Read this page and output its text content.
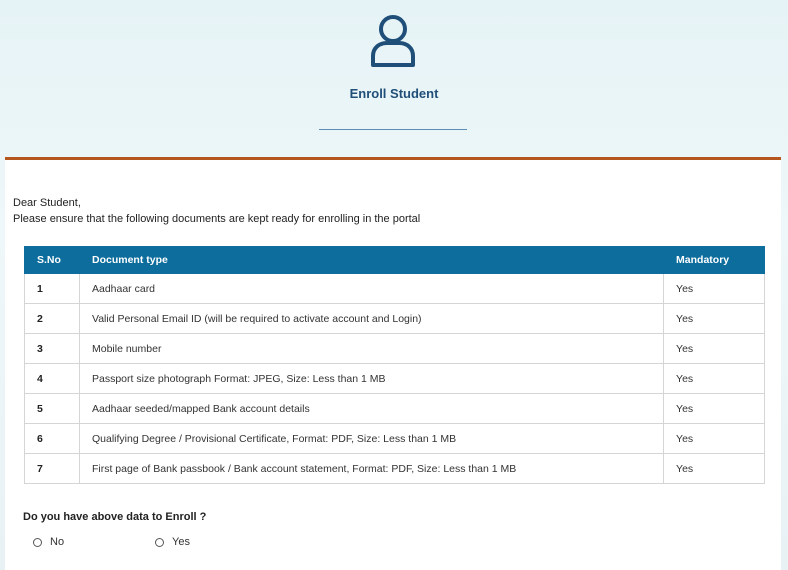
Enroll Student
Dear Student,
Please ensure that the following documents are kept ready for enrolling in the portal
S.No	Document type	Mandatory
1	Aadhaar card	Yes
2	Valid Personal Email ID (will be required to activate account and Login)	Yes
3	Mobile number	Yes
4	Passport size photograph Format: JPEG, Size: Less than 1 MB	Yes
5	Aadhaar seeded/mapped Bank account details	Yes
6	Qualifying Degree / Provisional Certificate, Format: PDF, Size: Less than 1 MB	Yes
7	First page of Bank passbook / Bank account statement, Format: PDF, Size: Less than 1 MB	Yes
Do you have above data to Enroll ?
No	Yes
